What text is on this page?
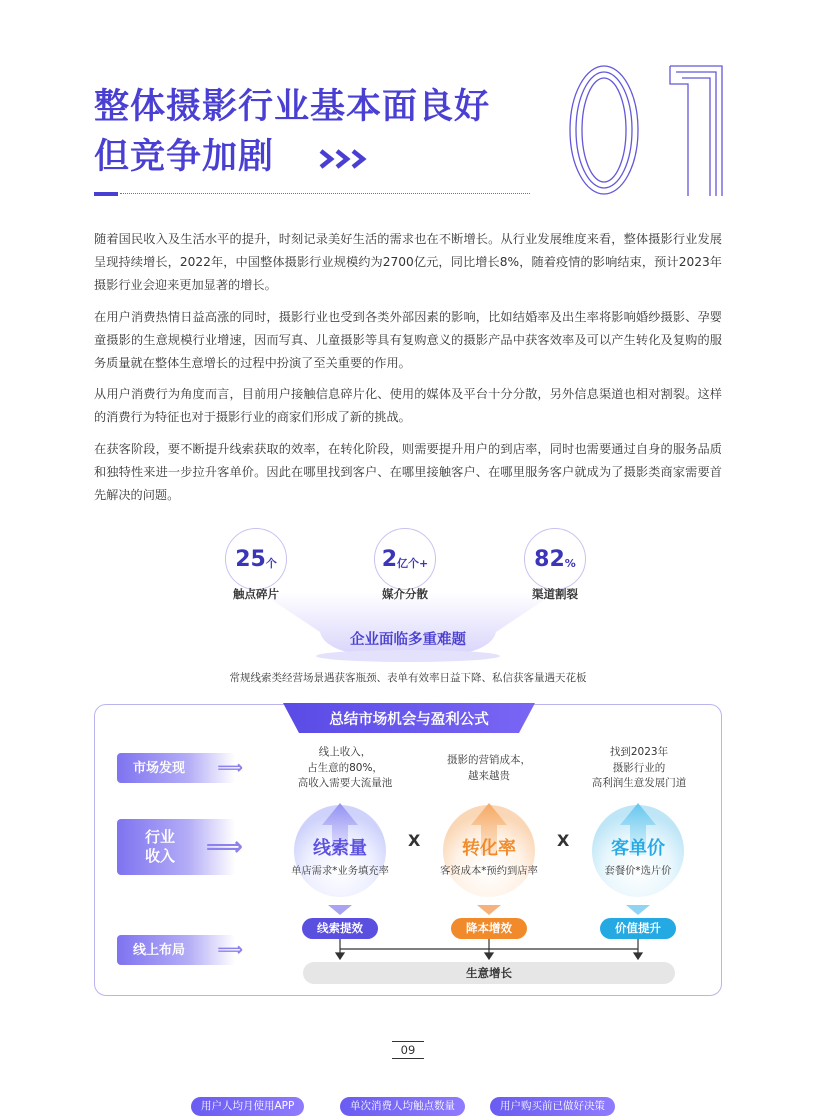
整体摄影行业基本面良好
但竞争加剧

随着国民收入及生活水平的提升，时刻记录美好生活的需求也在不断增长。从行业发展维度来看，整体摄影行业发展呈现持续增长，2022年，中国整体摄影行业规模约为2700亿元，同比增长8%，随着疫情的影响结束，预计2023年摄影行业会迎来更加显著的增长。

在用户消费热情日益高涨的同时，摄影行业也受到各类外部因素的影响，比如结婚率及出生率将影响婚纱摄影、孕婴童摄影的生意规模行业增速，因而写真、儿童摄影等具有复购意义的摄影产品中获客效率及可以产生转化及复购的服务质量就在整体生意增长的过程中扮演了至关重要的作用。

从用户消费行为角度而言，目前用户接触信息碎片化、使用的媒体及平台十分分散，另外信息渠道也相对割裂。这样的消费行为特征也对于摄影行业的商家们形成了新的挑战。

在获客阶段，要不断提升线索获取的效率，在转化阶段，则需要提升用户的到店率，同时也需要通过自身的服务品质和独特性来进一步拉升客单价。因此在哪里找到客户、在哪里接触客户、在哪里服务客户就成为了摄影类商家需要首先解决的问题。

25 个
用户人均月使用APP
触点碎片
2 亿个+
单次消费人均触点数量
媒介分散
82 %
用户购买前已做好决策
渠道割裂
企业面临多重难题
常规线索类经营场景遇获客瓶颈、表单有效率日益下降、私信获客量遇天花板
总结市场机会与盈利公式
市场发现 ⟹
行业
收入 ⟹
线上布局 ⟹
线上收入，
占生意的80%，
高收入需要大流量池
摄影的营销成本，
越来越贵
找到2023年
摄影行业的
高利润生意发展门道
线索量	转化率	客单价
单店需求*业务填充率	客资成本*预约到店率	套餐价*选片价
X	X
线索提效	降本增效	价值提升
生意增长
09
